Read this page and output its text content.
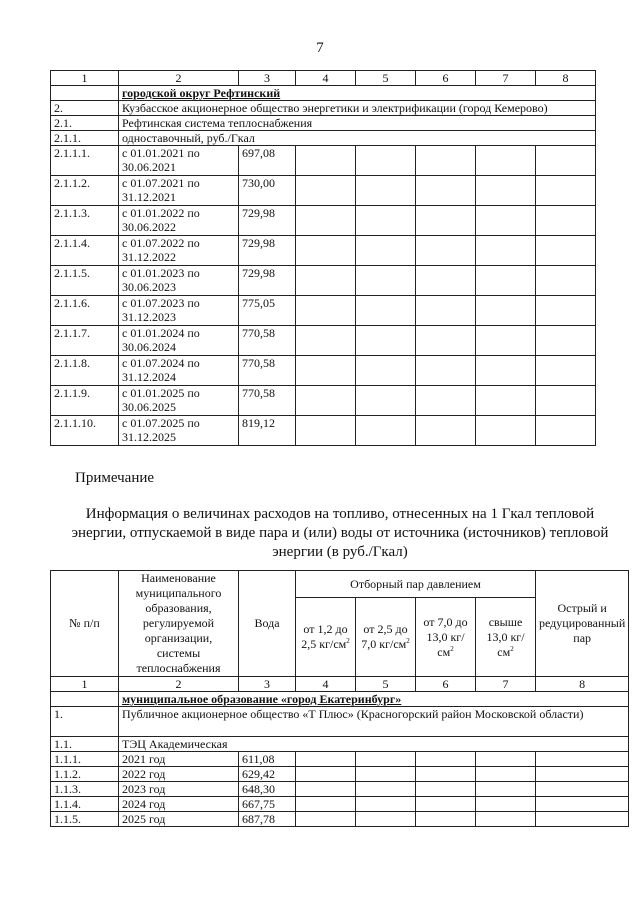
7
1	2	3	4	5	6	7	8
	городской округ Рефтинский						
2.	Кузбасское акционерное общество энергетики и электрификации (город Кемерово)						
2.1.	Рефтинская система теплоснабжения						
2.1.1.	одноставочный, руб./Гкал						
2.1.1.1.	с 01.01.2021 по 30.06.2021	697,08					
2.1.1.2.	с 01.07.2021 по 31.12.2021	730,00					
2.1.1.3.	с 01.01.2022 по 30.06.2022	729,98					
2.1.1.4.	с 01.07.2022 по 31.12.2022	729,98					
2.1.1.5.	с 01.01.2023 по 30.06.2023	729,98					
2.1.1.6.	с 01.07.2023 по 31.12.2023	775,05					
2.1.1.7.	с 01.01.2024 по 30.06.2024	770,58					
2.1.1.8.	с 01.07.2024 по 31.12.2024	770,58					
2.1.1.9.	с 01.01.2025 по 30.06.2025	770,58					
2.1.1.10.	с 01.07.2025 по 31.12.2025	819,12					
Примечание
Информация о величинах расходов на топливо, отнесенных на 1 Гкал тепловой энергии, отпускаемой в виде пара и (или) воды от источника (источников) тепловой энергии (в руб./Гкал)
№ п/п	Наименование муниципального образования, регулируемой организации, системы теплоснабжения	Вода	Отборный пар давлением				Острый и редуцированный пар
			от 1,2 до 2,5 $кг/см^2$	от 2,5 до 7,0 $кг/см^2$	от 7,0 до 13,0 $кг/см^2$	свыше 13,0 $кг/см^2$
1	2	3	4	5	6	7	8
	муниципальное образование «город Екатеринбург»						
1.	Публичное акционерное общество «Т Плюс» (Красногорский район Московской области)						
1.1.	ТЭЦ Академическая						
1.1.1.	2021 год	611,08					
1.1.2.	2022 год	629,42					
1.1.3.	2023 год	648,30					
1.1.4.	2024 год	667,75					
1.1.5.	2025 год	687,78					
